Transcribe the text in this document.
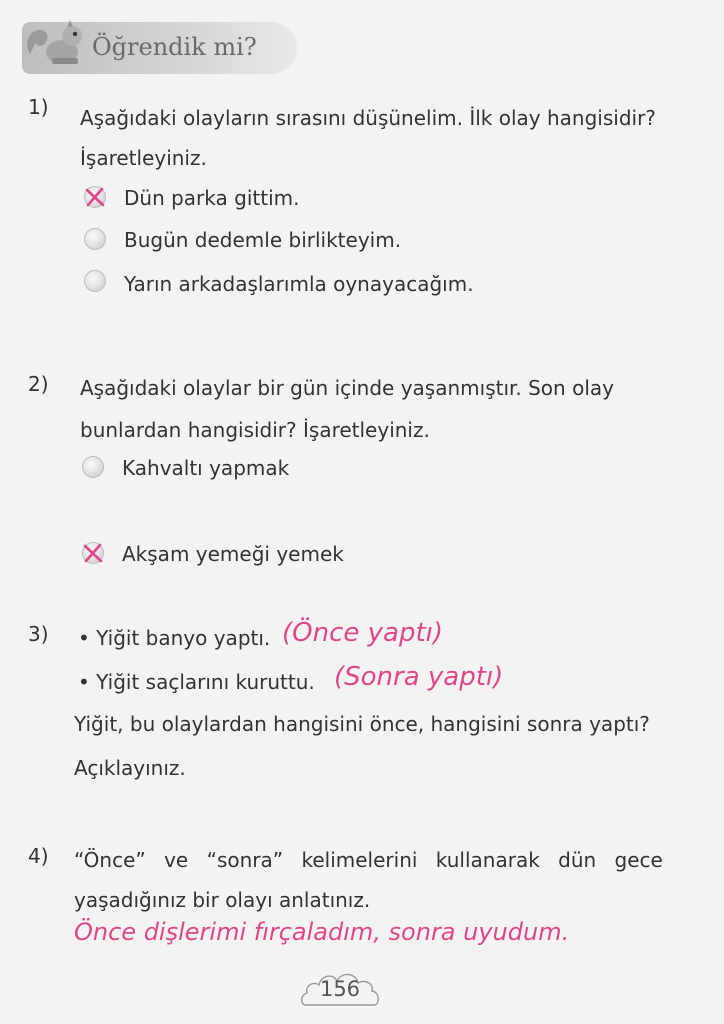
Öğrendik mi?
1) Aşağıdaki olayların sırasını düşünelim. İlk olay hangisidir?
İşaretleyiniz.
Dün parka gittim.
Bugün dedemle birlikteyim.
Yarın arkadaşlarımla oynayacağım.
2) Aşağıdaki olaylar bir gün içinde yaşanmıştır. Son olay
bunlardan hangisidir? İşaretleyiniz.
Kahvaltı yapmak
Akşam yemeği yemek
3) • Yiğit banyo yaptı. (Önce yaptı)
• Yiğit saçlarını kuruttu. (Sonra yaptı)
Yiğit, bu olaylardan hangisini önce, hangisini sonra yaptı?
Açıklayınız.
4) “Önce” ve “sonra” kelimelerini kullanarak dün gece
yaşadığınız bir olayı anlatınız.
Önce dişlerimi fırçaladım, sonra uyudum.
156
